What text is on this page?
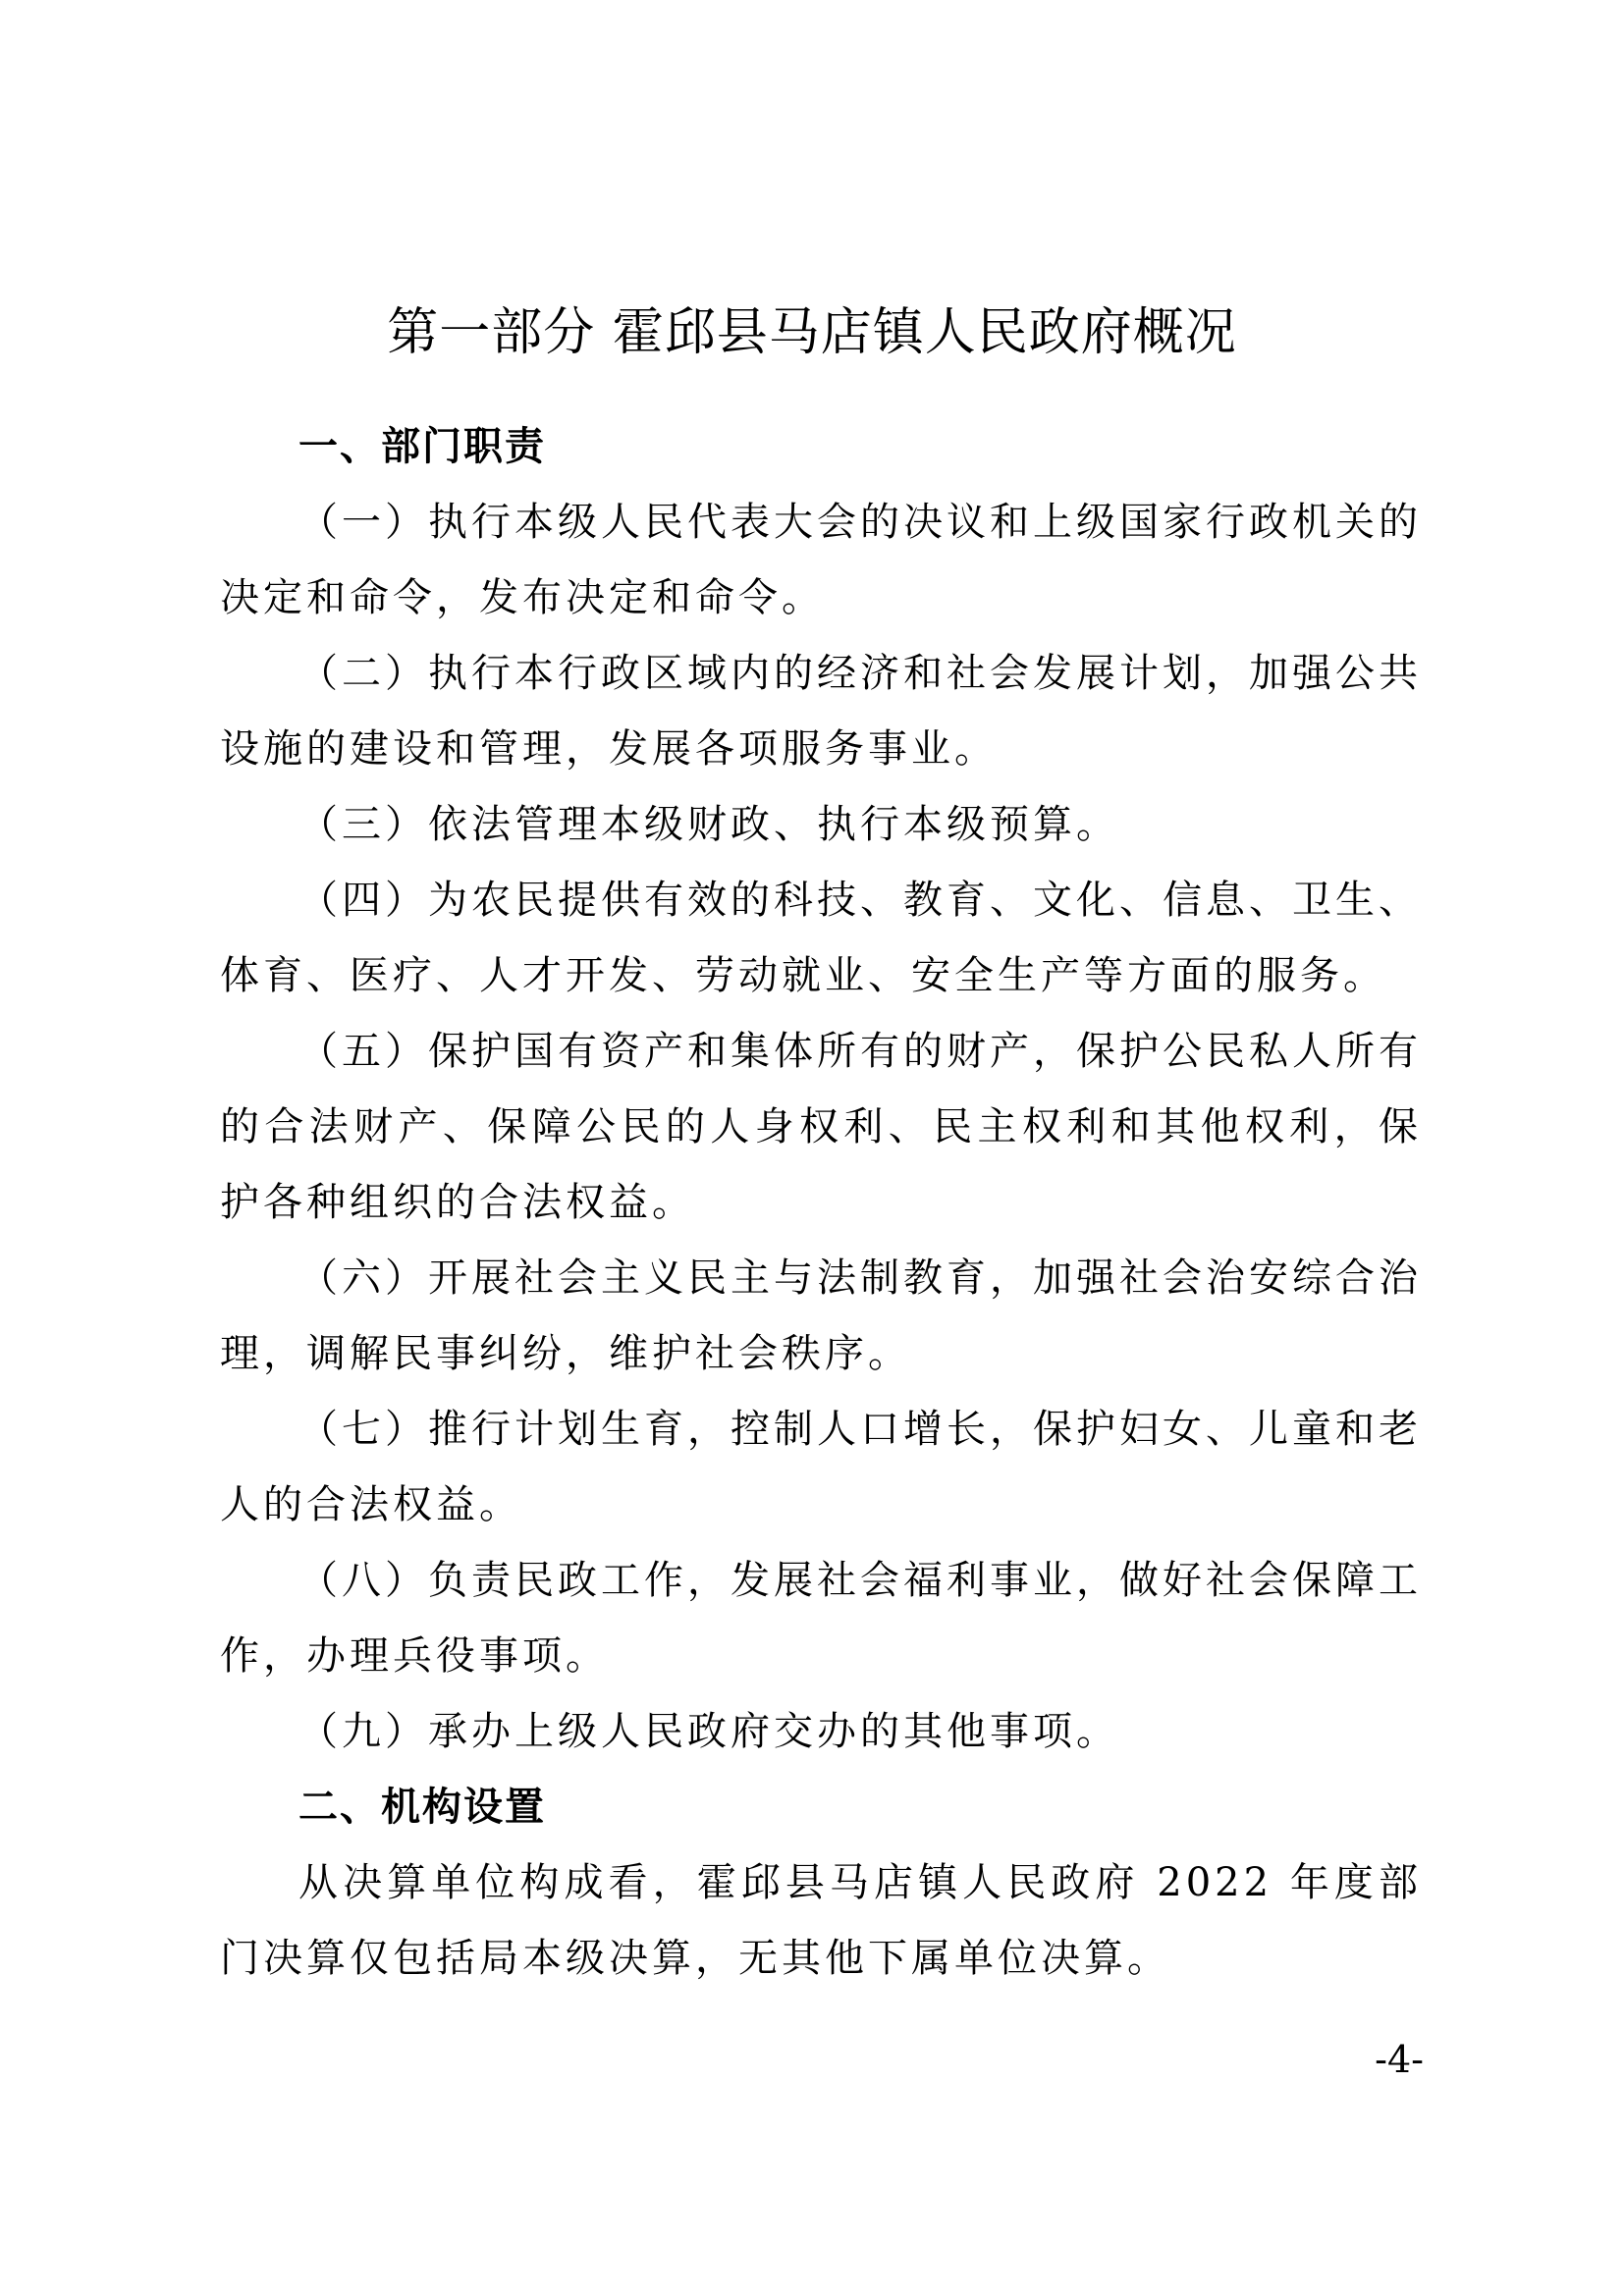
第一部分 霍邱县马店镇人民政府概况

一、部门职责

（一）执行本级人民代表大会的决议和上级国家行政机关的决定和命令，发布决定和命令。

（二）执行本行政区域内的经济和社会发展计划，加强公共设施的建设和管理，发展各项服务事业。

（三）依法管理本级财政、执行本级预算。

（四）为农民提供有效的科技、教育、文化、信息、卫生、体育、医疗、人才开发、劳动就业、安全生产等方面的服务。

（五）保护国有资产和集体所有的财产，保护公民私人所有的合法财产、保障公民的人身权利、民主权利和其他权利，保护各种组织的合法权益。

（六）开展社会主义民主与法制教育，加强社会治安综合治理，调解民事纠纷，维护社会秩序。

（七）推行计划生育，控制人口增长，保护妇女、儿童和老人的合法权益。

（八）负责民政工作，发展社会福利事业，做好社会保障工作，办理兵役事项。

（九）承办上级人民政府交办的其他事项。

二、机构设置

从决算单位构成看，霍邱县马店镇人民政府 2022 年度部门决算仅包括局本级决算，无其他下属单位决算。

-4-
